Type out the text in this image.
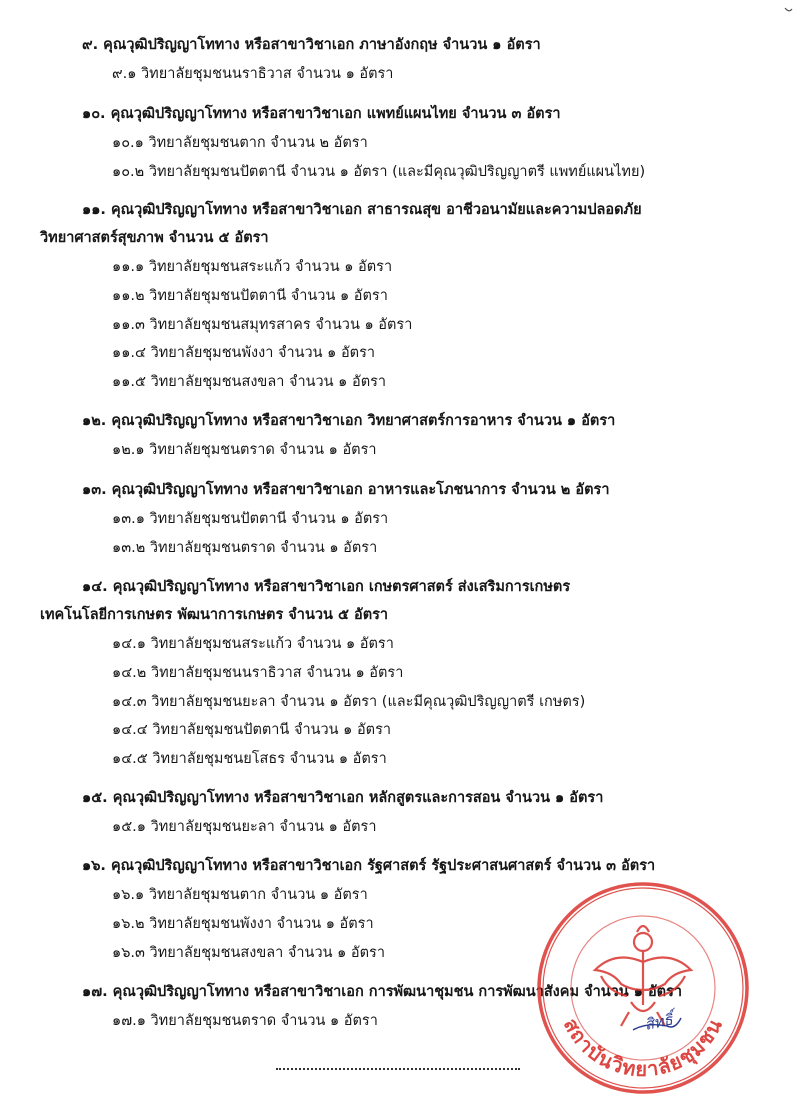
๙. คุณวุฒิปริญญาโททาง หรือสาขาวิชาเอก ภาษาอังกฤษ จำนวน ๑ อัตรา
๙.๑ วิทยาลัยชุมชนนราธิวาส จำนวน ๑ อัตรา
๑๐. คุณวุฒิปริญญาโททาง หรือสาขาวิชาเอก แพทย์แผนไทย จำนวน ๓ อัตรา
๑๐.๑ วิทยาลัยชุมชนตาก จำนวน ๒ อัตรา
๑๐.๒ วิทยาลัยชุมชนปัตตานี จำนวน ๑ อัตรา (และมีคุณวุฒิปริญญาตรี แพทย์แผนไทย)
๑๑. คุณวุฒิปริญญาโททาง หรือสาขาวิชาเอก สาธารณสุข อาชีวอนามัยและความปลอดภัย
วิทยาศาสตร์สุขภาพ จำนวน ๕ อัตรา
๑๑.๑ วิทยาลัยชุมชนสระแก้ว จำนวน ๑ อัตรา
๑๑.๒ วิทยาลัยชุมชนปัตตานี จำนวน ๑ อัตรา
๑๑.๓ วิทยาลัยชุมชนสมุทรสาคร จำนวน ๑ อัตรา
๑๑.๔ วิทยาลัยชุมชนพังงา จำนวน ๑ อัตรา
๑๑.๕ วิทยาลัยชุมชนสงขลา จำนวน ๑ อัตรา
๑๒. คุณวุฒิปริญญาโททาง หรือสาขาวิชาเอก วิทยาศาสตร์การอาหาร จำนวน ๑ อัตรา
๑๒.๑ วิทยาลัยชุมชนตราด จำนวน ๑ อัตรา
๑๓. คุณวุฒิปริญญาโททาง หรือสาขาวิชาเอก อาหารและโภชนาการ จำนวน ๒ อัตรา
๑๓.๑ วิทยาลัยชุมชนปัตตานี จำนวน ๑ อัตรา
๑๓.๒ วิทยาลัยชุมชนตราด จำนวน ๑ อัตรา
๑๔. คุณวุฒิปริญญาโททาง หรือสาขาวิชาเอก เกษตรศาสตร์ ส่งเสริมการเกษตร
เทคโนโลยีการเกษตร พัฒนาการเกษตร จำนวน ๕ อัตรา
๑๔.๑ วิทยาลัยชุมชนสระแก้ว จำนวน ๑ อัตรา
๑๔.๒ วิทยาลัยชุมชนนราธิวาส จำนวน ๑ อัตรา
๑๔.๓ วิทยาลัยชุมชนยะลา จำนวน ๑ อัตรา (และมีคุณวุฒิปริญญาตรี เกษตร)
๑๔.๔ วิทยาลัยชุมชนปัตตานี จำนวน ๑ อัตรา
๑๔.๕ วิทยาลัยชุมชนยโสธร จำนวน ๑ อัตรา
๑๕. คุณวุฒิปริญญาโททาง หรือสาขาวิชาเอก หลักสูตรและการสอน จำนวน ๑ อัตรา
๑๕.๑ วิทยาลัยชุมชนยะลา จำนวน ๑ อัตรา
๑๖. คุณวุฒิปริญญาโททาง หรือสาขาวิชาเอก รัฐศาสตร์ รัฐประศาสนศาสตร์ จำนวน ๓ อัตรา
๑๖.๑ วิทยาลัยชุมชนตาก จำนวน ๑ อัตรา
๑๖.๒ วิทยาลัยชุมชนพังงา จำนวน ๑ อัตรา
๑๖.๓ วิทยาลัยชุมชนสงขลา จำนวน ๑ อัตรา
๑๗. คุณวุฒิปริญญาโททาง หรือสาขาวิชาเอก การพัฒนาชุมชน การพัฒนาสังคม จำนวน ๑ อัตรา
๑๗.๑ วิทยาลัยชุมชนตราด จำนวน ๑ อัตรา	สถาบันวิทยาลัยชุมชน
สิทธิ์
